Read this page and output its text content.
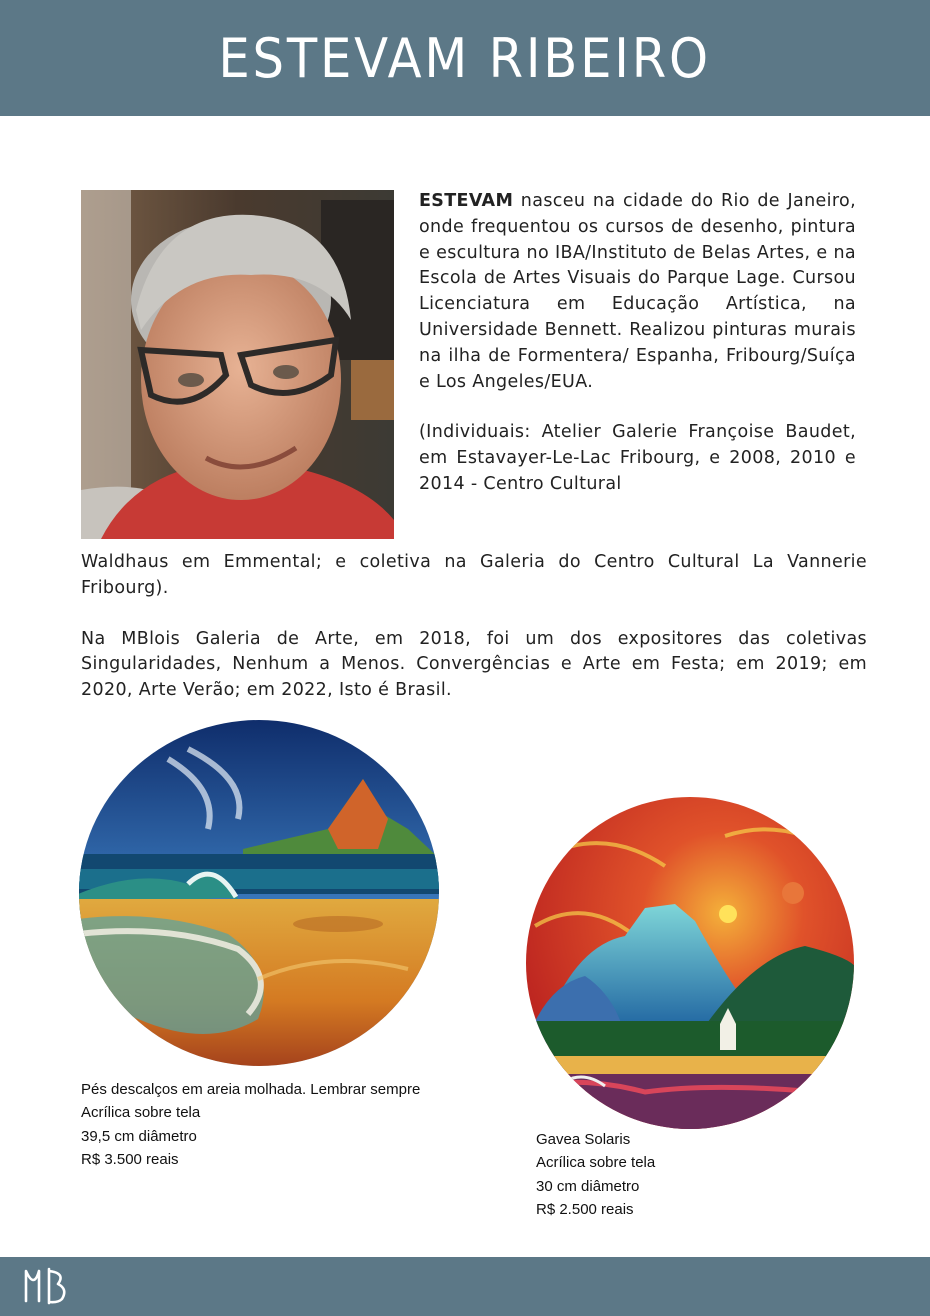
ESTEVAM RIBEIRO

ESTEVAM nasceu na cidade do Rio de Janeiro, onde frequentou os cursos de desenho, pintura e escultura no IBA/Instituto de Belas Artes, e na Escola de Artes Visuais do Parque Lage. Cursou Licenciatura em Educação Artística, na Universidade Bennett. Realizou pinturas murais na ilha de Formentera/ Espanha, Fribourg/Suíça e Los Angeles/EUA.

(Individuais: Atelier Galerie Françoise Baudet, em Estavayer-Le-Lac Fribourg, e 2008, 2010 e 2014 - Centro Cultural

Waldhaus em Emmental; e coletiva na Galeria do Centro Cultural La Vannerie Fribourg).

Na MBlois Galeria de Arte, em 2018, foi um dos expositores das coletivas Singularidades, Nenhum a Menos. Convergências e Arte em Festa; em 2019; em 2020, Arte Verão; em 2022, Isto é Brasil.

Pés descalços em areia molhada. Lembrar sempre
Acrílica sobre tela
39,5 cm diâmetro
R$ 3.500 reais
Gavea Solaris
Acrílica sobre tela
30 cm diâmetro
R$ 2.500 reais
